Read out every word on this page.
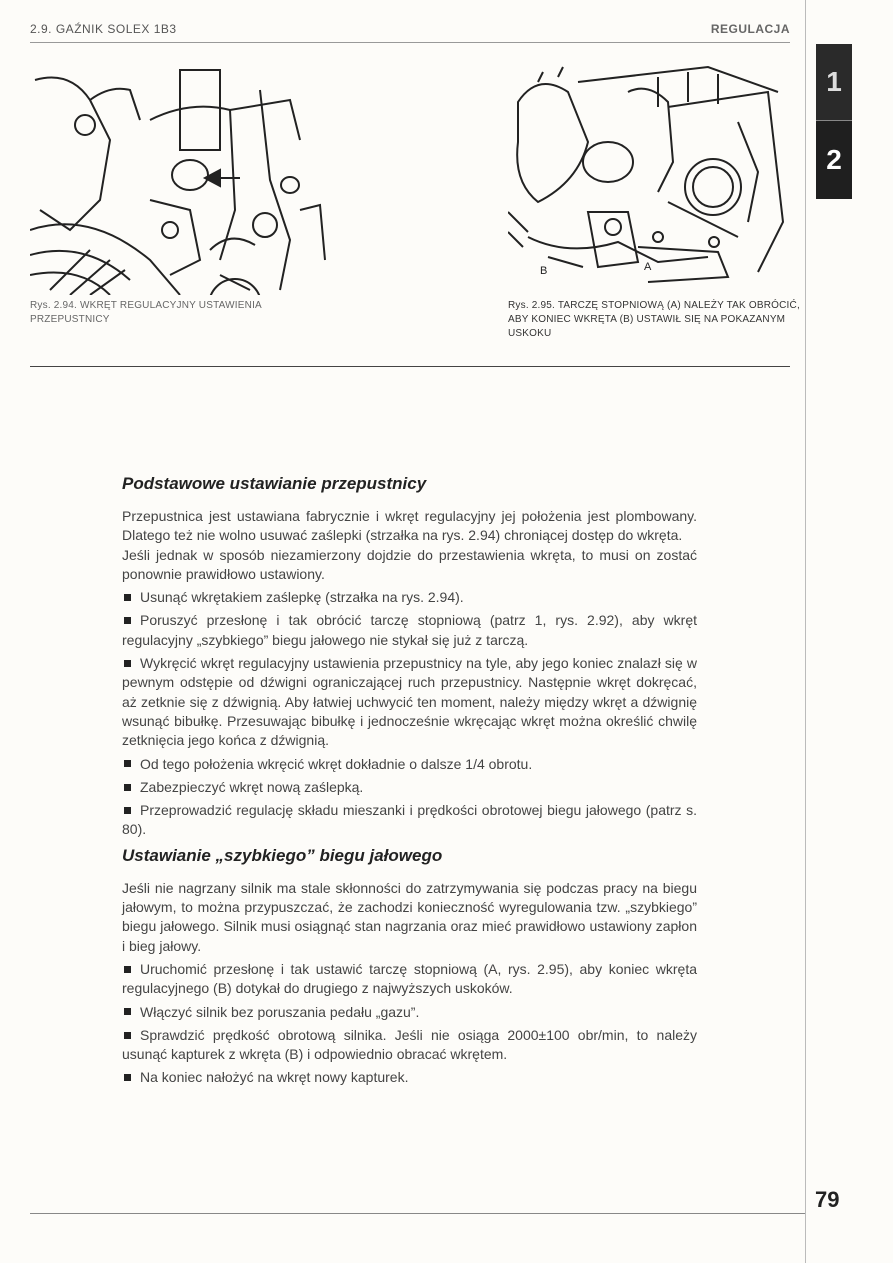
2.9. GAŹNIK SOLEX 1B3	REGULACJA
1
2
B	A
Rys. 2.94. WKRĘT REGULACYJNY USTAWIENIA
PRZEPUSTNICY
Rys. 2.95. TARCZĘ STOPNIOWĄ (A) NALEŻY TAK OBRÓCIĆ,
ABY KONIEC WKRĘTA (B) USTAWIŁ SIĘ NA POKAZANYM
USKOKU
Podstawowe ustawianie przepustnicy

Przepustnica jest ustawiana fabrycznie i wkręt regulacyjny jej położenia jest plombowany. Dlatego też nie wolno usuwać zaślepki (strzałka na rys. 2.94) chroniącej dostęp do wkręta.

Jeśli jednak w sposób niezamierzony dojdzie do przestawienia wkręta, to musi on zostać ponownie prawidłowo ustawiony.

Usunąć wkrętakiem zaślepkę (strzałka na rys. 2.94).

Poruszyć przesłonę i tak obrócić tarczę stopniową (patrz 1, rys. 2.92), aby wkręt regulacyjny „szybkiego” biegu jałowego nie stykał się już z tarczą.

Wykręcić wkręt regulacyjny ustawienia przepustnicy na tyle, aby jego koniec znalazł się w pewnym odstępie od dźwigni ograniczającej ruch przepustnicy. Następnie wkręt dokręcać, aż zetknie się z dźwignią. Aby łatwiej uchwycić ten moment, należy między wkręt a dźwignię wsunąć bibułkę. Przesuwając bibułkę i jednocześnie wkręcając wkręt można określić chwilę zetknięcia jego końca z dźwignią.

Od tego położenia wkręcić wkręt dokładnie o dalsze 1/4 obrotu.

Zabezpieczyć wkręt nową zaślepką.

Przeprowadzić regulację składu mieszanki i prędkości obrotowej biegu jałowego (patrz s. 80).

Ustawianie „szybkiego” biegu jałowego

Jeśli nie nagrzany silnik ma stale skłonności do zatrzymywania się podczas pracy na biegu jałowym, to można przypuszczać, że zachodzi konieczność wyregulowania tzw. „szybkiego” biegu jałowego. Silnik musi osiągnąć stan nagrzania oraz mieć prawidłowo ustawiony zapłon i bieg jałowy.

Uruchomić przesłonę i tak ustawić tarczę stopniową (A, rys. 2.95), aby koniec wkręta regulacyjnego (B) dotykał do drugiego z najwyższych uskoków.

Włączyć silnik bez poruszania pedału „gazu”.

Sprawdzić prędkość obrotową silnika. Jeśli nie osiąga 2000±100 obr/min, to należy usunąć kapturek z wkręta (B) i odpowiednio obracać wkrętem.

Na koniec nałożyć na wkręt nowy kapturek.

79
